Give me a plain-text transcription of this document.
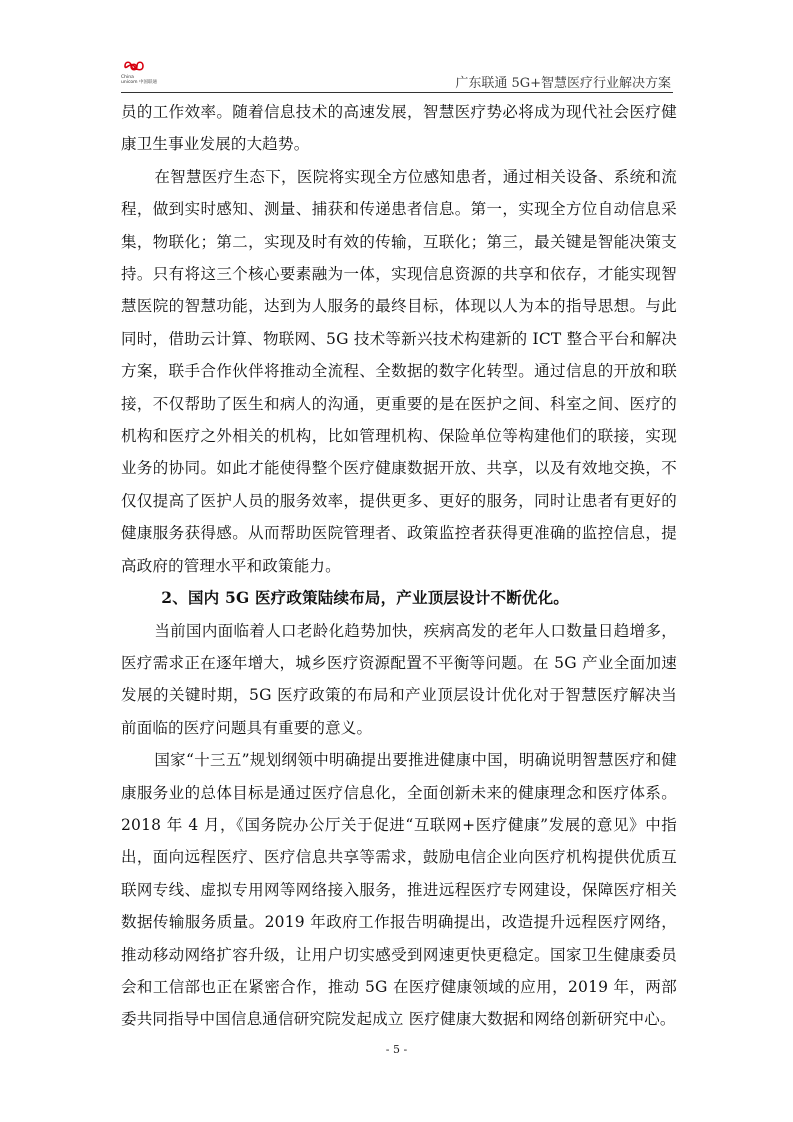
China
unicom 中国联通	广东联通 5G+智慧医疗行业解决方案

员的工作效率。随着信息技术的高速发展，智慧医疗势必将成为现代社会医疗健康卫生事业发展的大趋势。

在智慧医疗生态下，医院将实现全方位感知患者，通过相关设备、系统和流程，做到实时感知、测量、捕获和传递患者信息。第一，实现全方位自动信息采集，物联化；第二，实现及时有效的传输，互联化；第三，最关键是智能决策支持。只有将这三个核心要素融为一体，实现信息资源的共享和依存，才能实现智慧医院的智慧功能，达到为人服务的最终目标，体现以人为本的指导思想。与此同时，借助云计算、物联网、5G 技术等新兴技术构建新的 ICT 整合平台和解决方案，联手合作伙伴将推动全流程、全数据的数字化转型。通过信息的开放和联接，不仅帮助了医生和病人的沟通，更重要的是在医护之间、科室之间、医疗的机构和医疗之外相关的机构，比如管理机构、保险单位等构建他们的联接，实现业务的协同。如此才能使得整个医疗健康数据开放、共享，以及有效地交换，不仅仅提高了医护人员的服务效率，提供更多、更好的服务，同时让患者有更好的健康服务获得感。从而帮助医院管理者、政策监控者获得更准确的监控信息，提高政府的管理水平和政策能力。

2、国内 5G 医疗政策陆续布局，产业顶层设计不断优化。

当前国内面临着人口老龄化趋势加快，疾病高发的老年人口数量日趋增多，医疗需求正在逐年增大，城乡医疗资源配置不平衡等问题。在 5G 产业全面加速发展的关键时期，5G 医疗政策的布局和产业顶层设计优化对于智慧医疗解决当前面临的医疗问题具有重要的意义。

国家“十三五”规划纲领中明确提出要推进健康中国，明确说明智慧医疗和健康服务业的总体目标是通过医疗信息化，全面创新未来的健康理念和医疗体系。2018 年 4 月，《国务院办公厅关于促进“互联网+医疗健康”发展的意见》中指出，面向远程医疗、医疗信息共享等需求，鼓励电信企业向医疗机构提供优质互联网专线、虚拟专用网等网络接入服务，推进远程医疗专网建设，保障医疗相关数据传输服务质量。2019 年政府工作报告明确提出，改造提升远程医疗网络，推动移动网络扩容升级，让用户切实感受到网速更快更稳定。国家卫生健康委员会和工信部也正在紧密合作，推动 5G 在医疗健康领域的应用，2019 年，两部委共同指导中国信息通信研究院发起成立 医疗健康大数据和网络创新研究中心。

- 5 -
